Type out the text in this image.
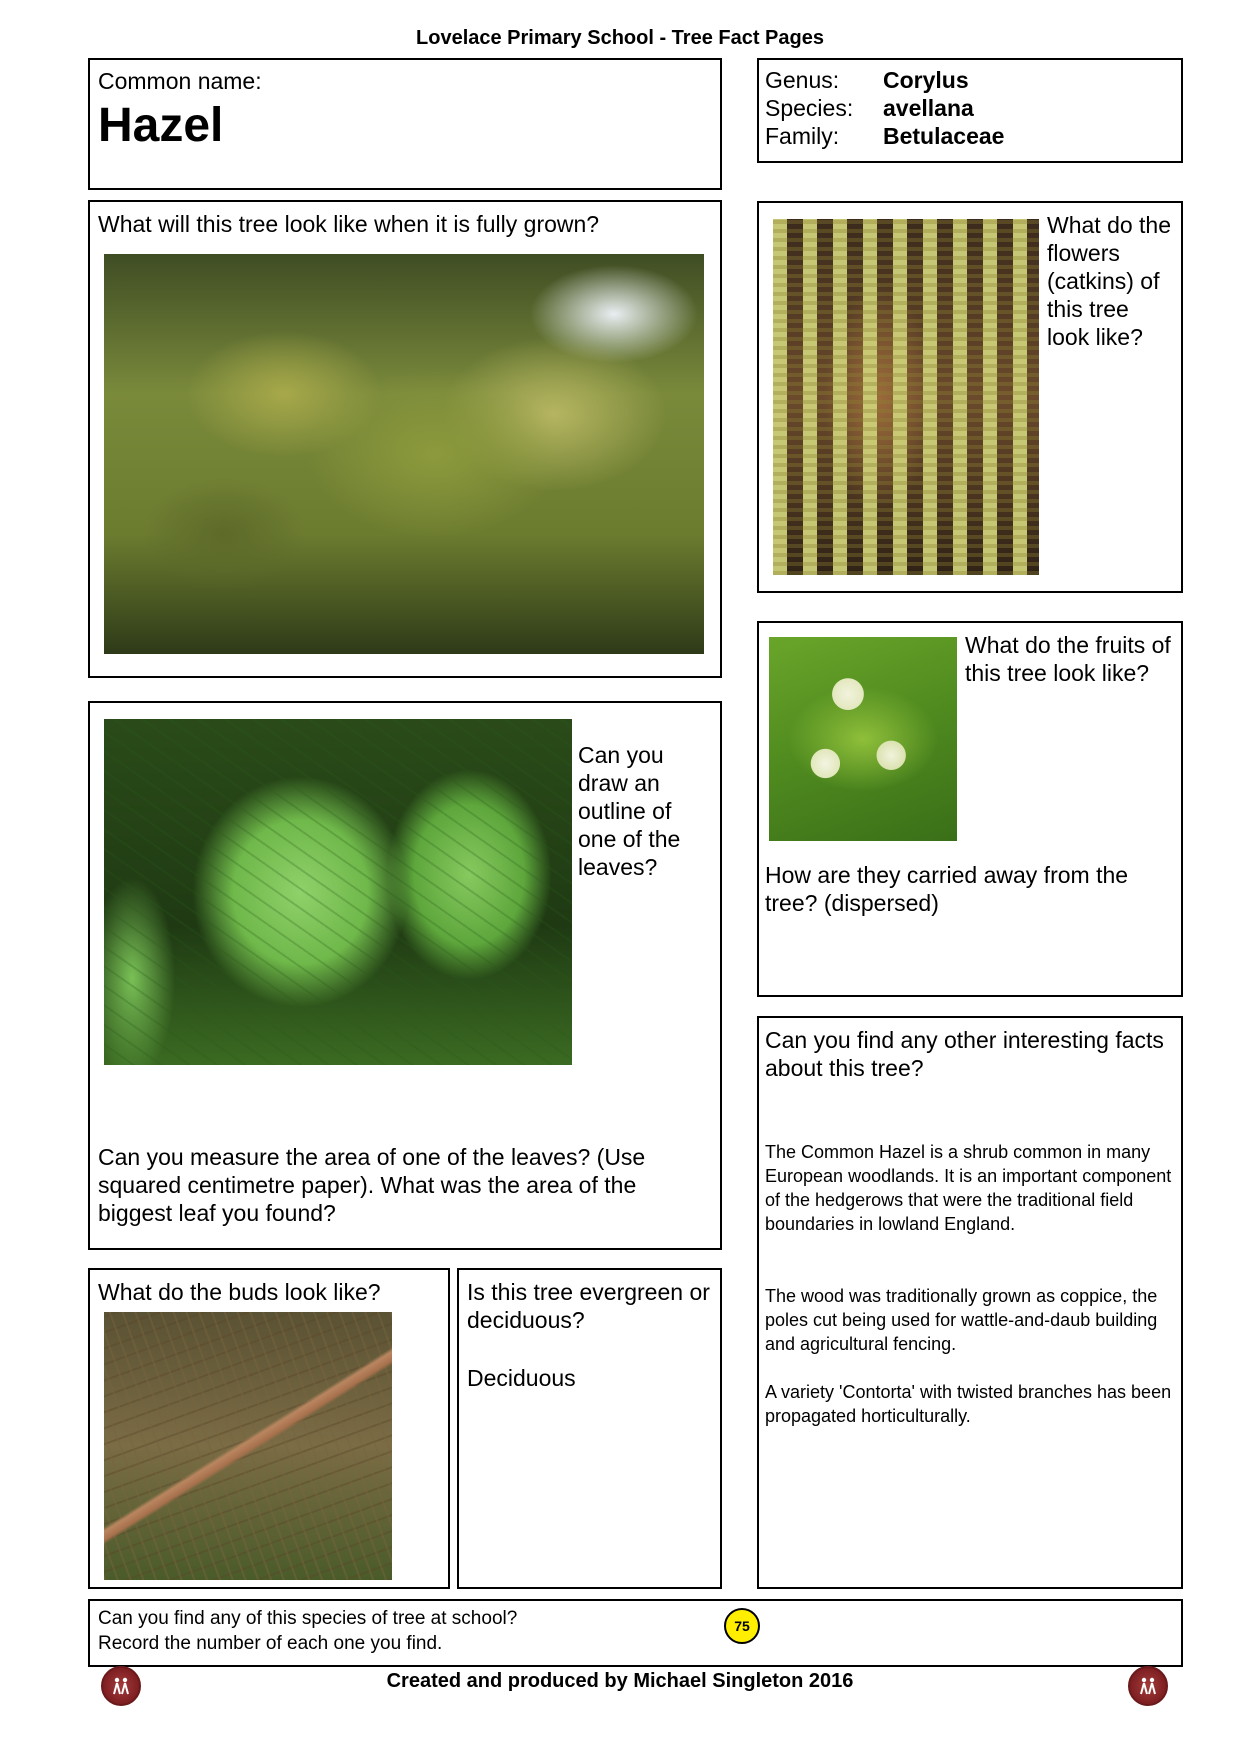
Lovelace Primary School - Tree Fact Pages
Common name:
Hazel
Genus: Corylus
Species: avellana
Family: Betulaceae
What will this tree look like when it is fully grown?	What do the flowers (catkins) of this tree look like?
What do the fruits of this tree look like?
How are they carried away from the tree? (dispersed)
Can you draw an outline of one of the leaves?
Can you measure the area of one of the leaves? (Use squared centimetre paper). What was the area of the biggest leaf you found?
What do the buds look like?	Is this tree evergreen or deciduous?
Deciduous
Can you find any other interesting facts about this tree?
The Common Hazel is a shrub common in many European woodlands. It is an important component of the hedgerows that were the traditional field boundaries in lowland England.
The wood was traditionally grown as coppice, the poles cut being used for wattle-and-daub building and agricultural fencing.
A variety 'Contorta' with twisted branches has been propagated horticulturally.
Can you find any of this species of tree at school?
Record the number of each one you find.
75
Created and produced by Michael Singleton 2016
